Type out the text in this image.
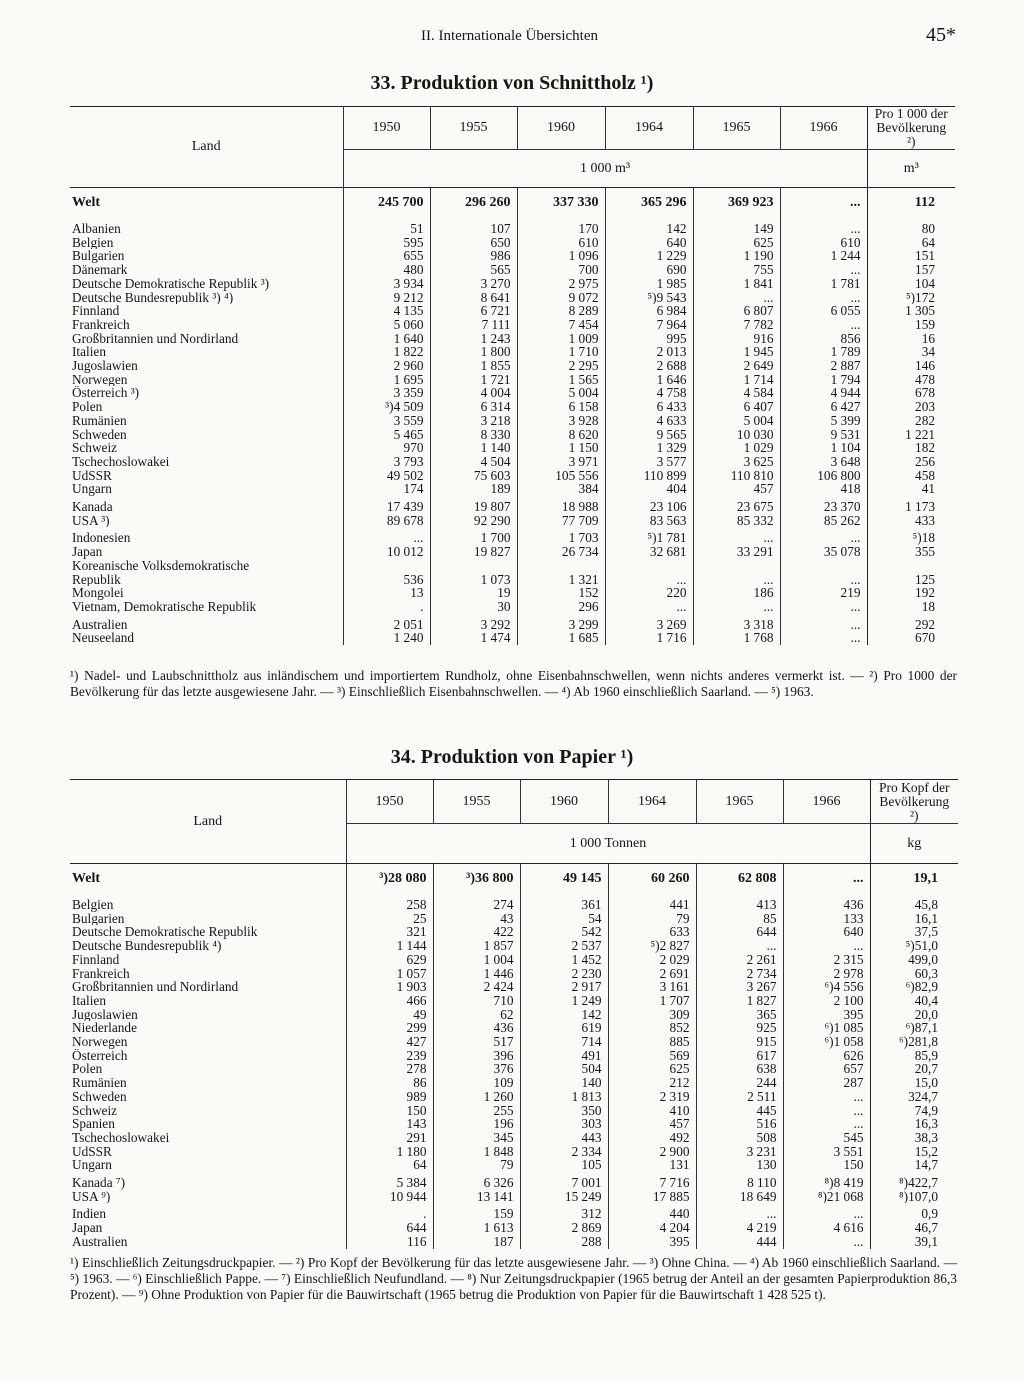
II. Internationale Übersichten	45*
33. Produktion von Schnittholz ¹)
Land	1950	1955	1960	1964	1965	1966	Pro 1 000 der Bevölkerung ²)
	1 000 m³						m³
Welt	245 700	296 260	337 330	365 296	369 923	...	112
Albanien	51	107	170	142	149	...	80
Belgien	595	650	610	640	625	610	64
Bulgarien	655	986	1 096	1 229	1 190	1 244	151
Dänemark	480	565	700	690	755	...	157
Deutsche Demokratische Republik ³)	3 934	3 270	2 975	1 985	1 841	1 781	104
Deutsche Bundesrepublik ³) ⁴)	9 212	8 641	9 072	⁵)9 543	...	...	⁵)172
Finnland	4 135	6 721	8 289	6 984	6 807	6 055	1 305
Frankreich	5 060	7 111	7 454	7 964	7 782	...	159
Großbritannien und Nordirland	1 640	1 243	1 009	995	916	856	16
Italien	1 822	1 800	1 710	2 013	1 945	1 789	34
Jugoslawien	2 960	1 855	2 295	2 688	2 649	2 887	146
Norwegen	1 695	1 721	1 565	1 646	1 714	1 794	478
Österreich ³)	3 359	4 004	5 004	4 758	4 584	4 944	678
Polen	³)4 509	6 314	6 158	6 433	6 407	6 427	203
Rumänien	3 559	3 218	3 928	4 633	5 004	5 399	282
Schweden	5 465	8 330	8 620	9 565	10 030	9 531	1 221
Schweiz	970	1 140	1 150	1 329	1 029	1 104	182
Tschechoslowakei	3 793	4 504	3 971	3 577	3 625	3 648	256
UdSSR	49 502	75 603	105 556	110 899	110 810	106 800	458
Ungarn	174	189	384	404	457	418	41
Kanada	17 439	19 807	18 988	23 106	23 675	23 370	1 173
USA ³)	89 678	92 290	77 709	83 563	85 332	85 262	433
Indonesien	...	1 700	1 703	⁵)1 781	...	...	⁵)18
Japan	10 012	19 827	26 734	32 681	33 291	35 078	355
Koreanische Volksdemokratische							
Republik	536	1 073	1 321	...	...	...	125
Mongolei	13	19	152	220	186	219	192
Vietnam, Demokratische Republik	.	30	296	...	...	...	18
Australien	2 051	3 292	3 299	3 269	3 318	...	292
Neuseeland	1 240	1 474	1 685	1 716	1 768	...	670
¹) Nadel- und Laubschnittholz aus inländischem und importiertem Rundholz, ohne Eisenbahnschwellen, wenn nichts anderes vermerkt ist. — ²) Pro 1000 der Bevölkerung für das letzte ausgewiesene Jahr. — ³) Einschließlich Eisenbahnschwellen. — ⁴) Ab 1960 einschließlich Saarland. — ⁵) 1963.
34. Produktion von Papier ¹)
Land	1950	1955	1960	1964	1965	1966	Pro Kopf der Bevölkerung ²)
	1 000 Tonnen						kg
Welt	³)28 080	³)36 800	49 145	60 260	62 808	...	19,1
Belgien	258	274	361	441	413	436	45,8
Bulgarien	25	43	54	79	85	133	16,1
Deutsche Demokratische Republik	321	422	542	633	644	640	37,5
Deutsche Bundesrepublik ⁴)	1 144	1 857	2 537	⁵)2 827	...	...	⁵)51,0
Finnland	629	1 004	1 452	2 029	2 261	2 315	499,0
Frankreich	1 057	1 446	2 230	2 691	2 734	2 978	60,3
Großbritannien und Nordirland	1 903	2 424	2 917	3 161	3 267	⁶)4 556	⁶)82,9
Italien	466	710	1 249	1 707	1 827	2 100	40,4
Jugoslawien	49	62	142	309	365	395	20,0
Niederlande	299	436	619	852	925	⁶)1 085	⁶)87,1
Norwegen	427	517	714	885	915	⁶)1 058	⁶)281,8
Österreich	239	396	491	569	617	626	85,9
Polen	278	376	504	625	638	657	20,7
Rumänien	86	109	140	212	244	287	15,0
Schweden	989	1 260	1 813	2 319	2 511	...	324,7
Schweiz	150	255	350	410	445	...	74,9
Spanien	143	196	303	457	516	...	16,3
Tschechoslowakei	291	345	443	492	508	545	38,3
UdSSR	1 180	1 848	2 334	2 900	3 231	3 551	15,2
Ungarn	64	79	105	131	130	150	14,7
Kanada ⁷)	5 384	6 326	7 001	7 716	8 110	⁸)8 419	⁸)422,7
USA ⁹)	10 944	13 141	15 249	17 885	18 649	⁸)21 068	⁸)107,0
Indien	.	159	312	440	...	...	0,9
Japan	644	1 613	2 869	4 204	4 219	4 616	46,7
Australien	116	187	288	395	444	...	39,1
¹) Einschließlich Zeitungsdruckpapier. — ²) Pro Kopf der Bevölkerung für das letzte ausgewiesene Jahr. — ³) Ohne China. — ⁴) Ab 1960 einschließlich Saarland. — ⁵) 1963. — ⁶) Einschließlich Pappe. — ⁷) Einschließlich Neufundland. — ⁸) Nur Zeitungsdruckpapier (1965 betrug der Anteil an der gesamten Papierproduktion 86,3 Prozent). — ⁹) Ohne Produktion von Papier für die Bauwirtschaft (1965 betrug die Produktion von Papier für die Bauwirtschaft 1 428 525 t).
